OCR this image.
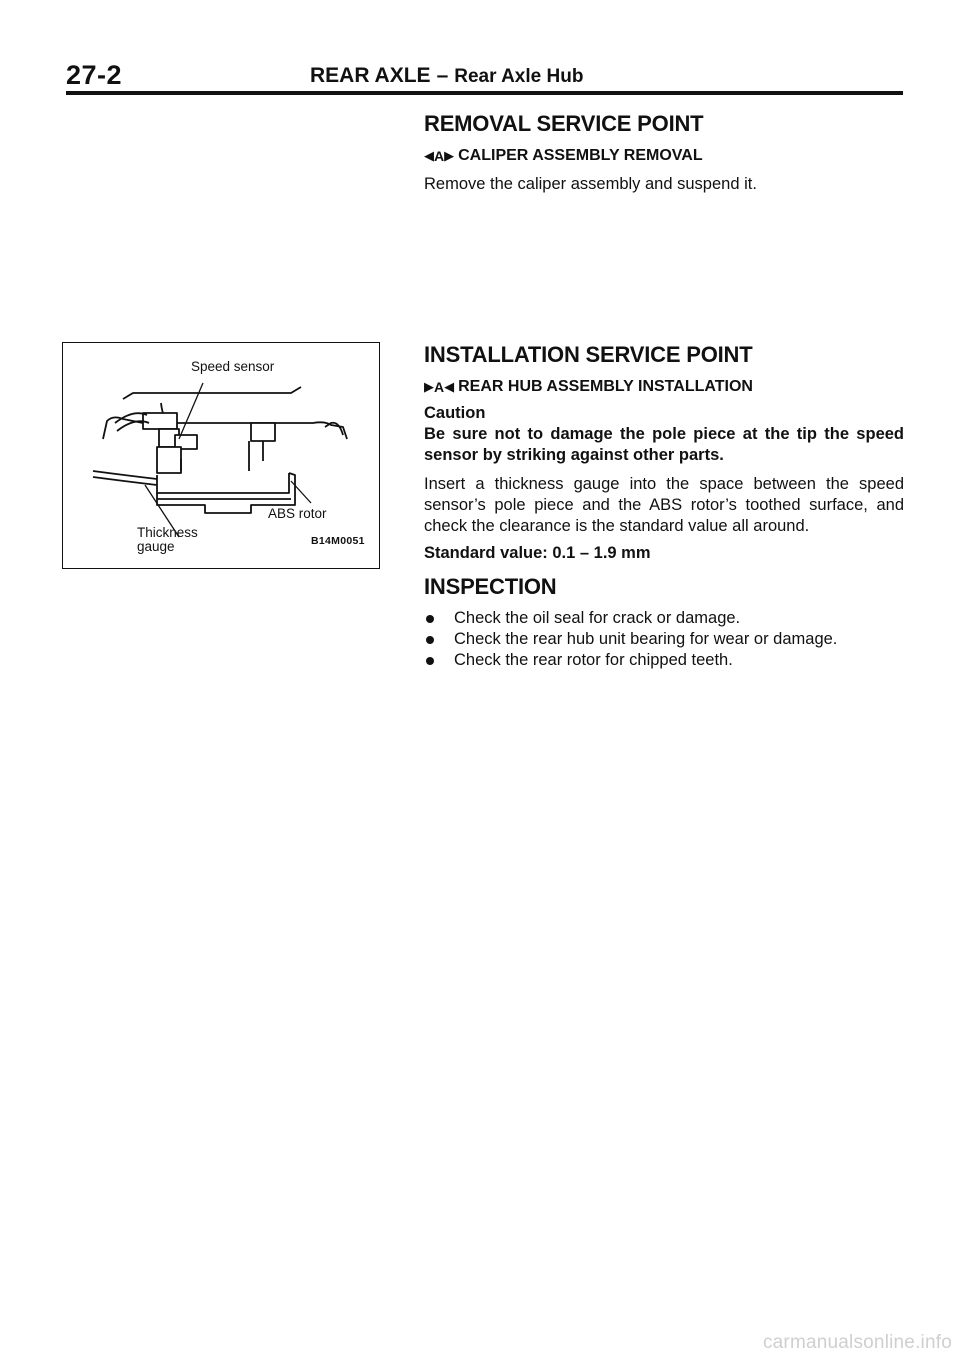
27-2	REAR AXLE – Rear Axle Hub
REMOVAL SERVICE POINT
◀ A ▶ CALIPER ASSEMBLY REMOVAL

Remove the caliper assembly and suspend it.

INSTALLATION SERVICE POINT
▶ A ◀ REAR HUB ASSEMBLY INSTALLATION

Caution

Be sure not to damage the pole piece at the tip the speed sensor by striking against other parts.

Insert a thickness gauge into the space between the speed sensor’s pole piece and the ABS rotor’s toothed surface, and check the clearance is the standard value all around.

Standard value: 0.1 – 1.9 mm

INSPECTION
Check the oil seal for crack or damage.
Check the rear hub unit bearing for wear or damage.
Check the rear rotor for chipped teeth.
Speed sensor
ABS rotor
Thickness
gauge	B14M0051
carmanualsonline.info
